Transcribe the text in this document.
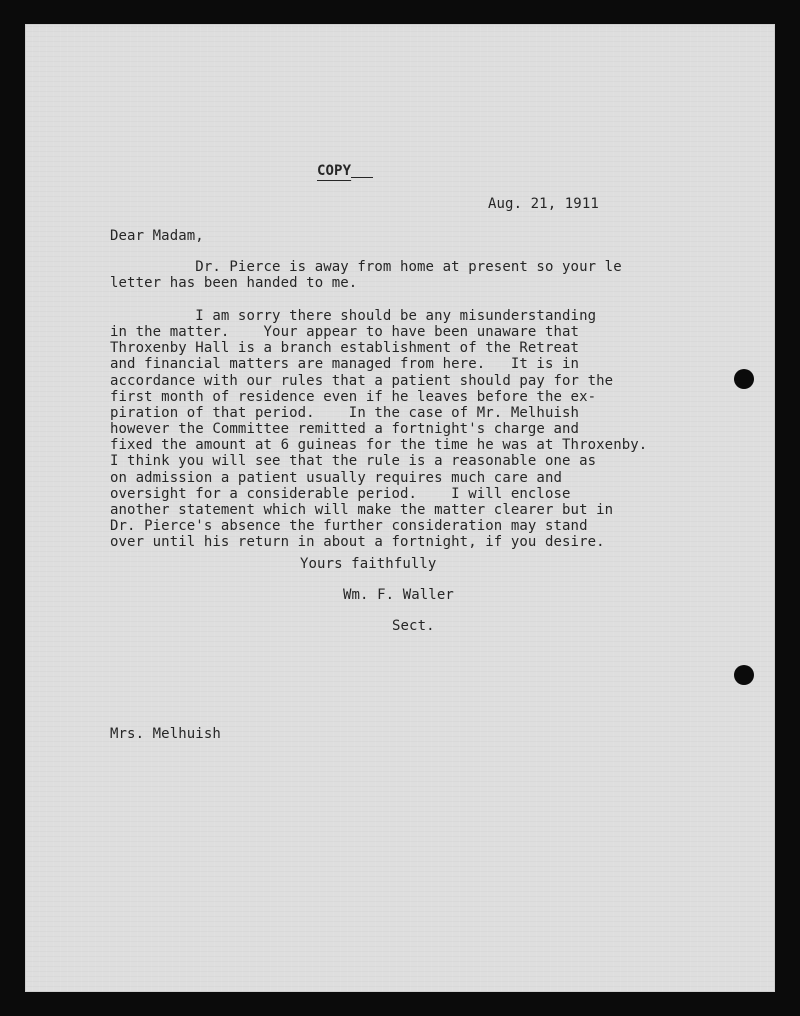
COPY
Aug. 21, 1911
Dear Madam,
Dr. Pierce is away from home at present so your le
letter has been handed to me.
I am sorry there should be any misunderstanding
in the matter.    Your appear to have been unaware that
Throxenby Hall is a branch establishment of the Retreat
and financial matters are managed from here.   It is in
accordance with our rules that a patient should pay for the
first month of residence even if he leaves before the ex-
piration of that period.    In the case of Mr. Melhuish
however the Committee remitted a fortnight's charge and
fixed the amount at 6 guineas for the time he was at Throxenby.
I think you will see that the rule is a reasonable one as
on admission a patient usually requires much care and
oversight for a considerable period.    I will enclose
another statement which will make the matter clearer but in
Dr. Pierce's absence the further consideration may stand
over until his return in about a fortnight, if you desire.
Yours faithfully
Wm. F. Waller
Sect.
Mrs. Melhuish
